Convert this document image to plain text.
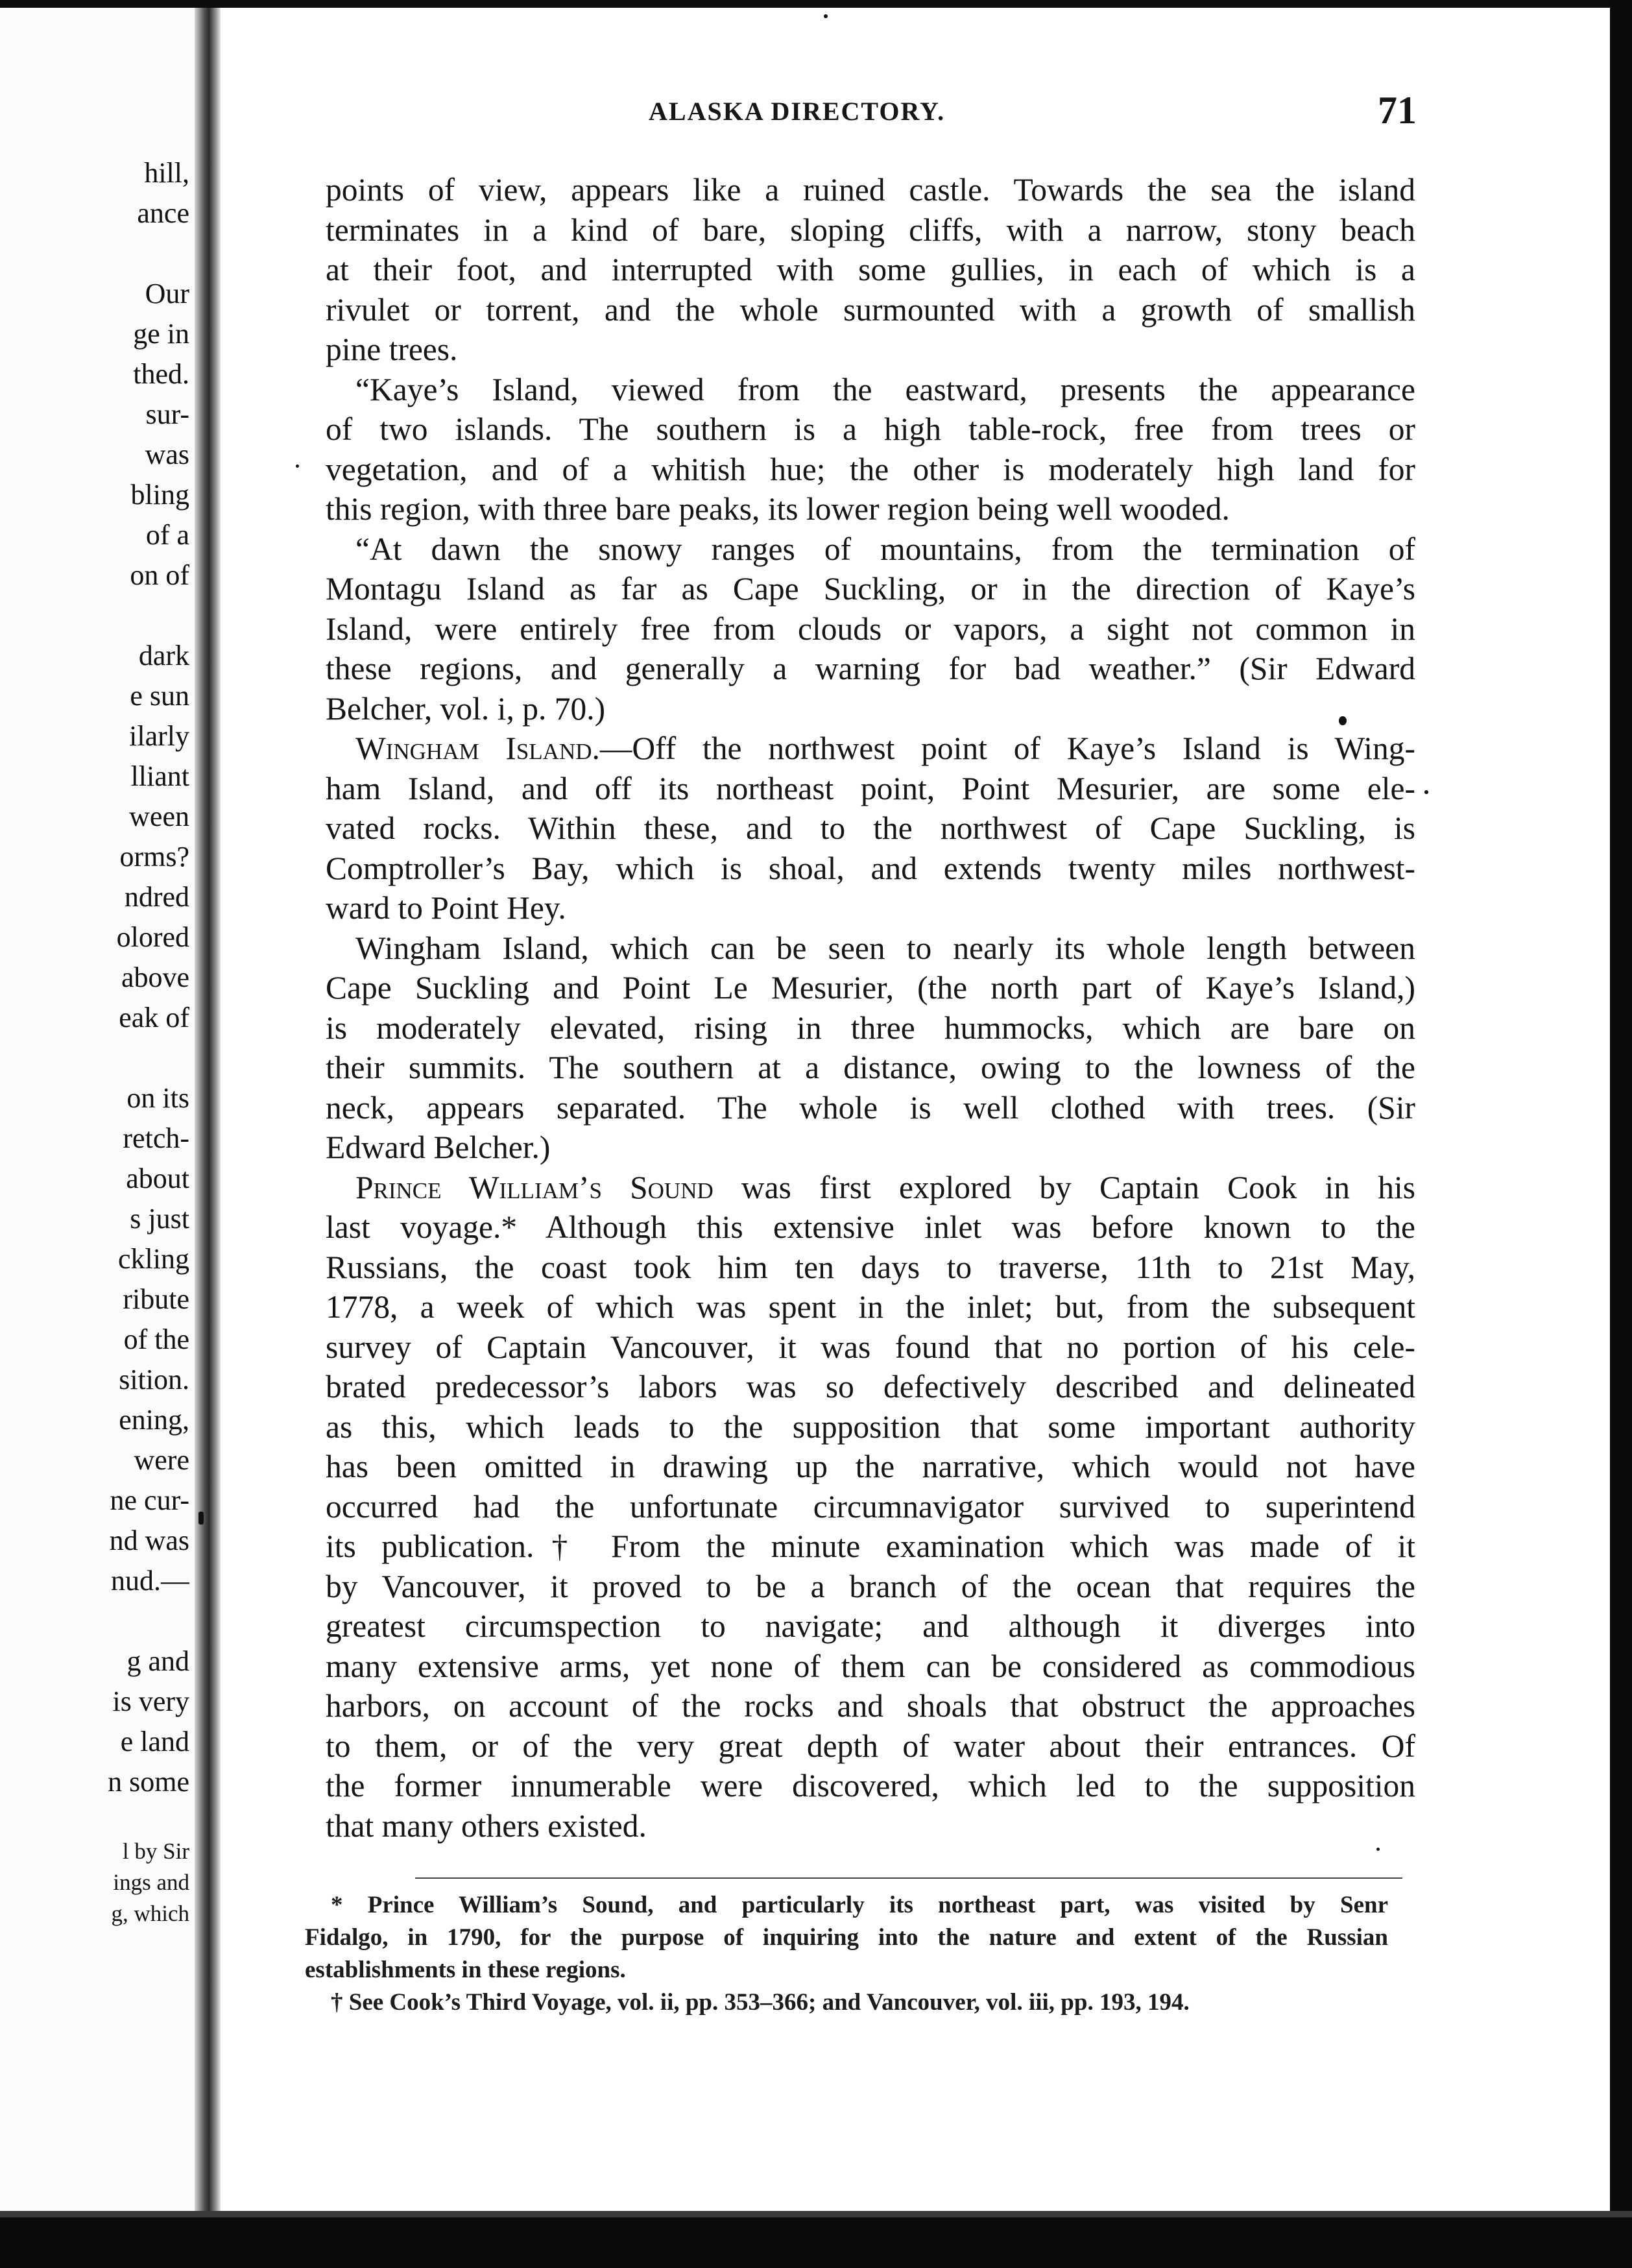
hill,
ance
Our
ge in
thed.
sur-
was
bling
of a
on of
dark
e sun
ilarly
lliant
ween
orms?
ndred
olored
above
eak of
on its
retch-
about
s just
ckling
ribute
of the
sition.
ening,
were
ne cur-
nd was
nud.—
g and
is very
e land
n some
l by Sir
ings and
g, which
ALASKA DIRECTORY.	71
points of view, appears like a ruined castle. Towards the sea the island
terminates in a kind of bare, sloping cliffs, with a narrow, stony beach
at their foot, and interrupted with some gullies, in each of which is a
rivulet or torrent, and the whole surmounted with a growth of smallish
pine trees.
“Kaye’s Island, viewed from the eastward, presents the appearance
of two islands. The southern is a high table-rock, free from trees or
vegetation, and of a whitish hue; the other is moderately high land for
this region, with three bare peaks, its lower region being well wooded.
“At dawn the snowy ranges of mountains, from the termination of
Montagu Island as far as Cape Suckling, or in the direction of Kaye’s
Island, were entirely free from clouds or vapors, a sight not common in
these regions, and generally a warning for bad weather.” (Sir Edward
Belcher, vol. i, p. 70.)
Wingham Island.—Off the northwest point of Kaye’s Island is Wing-
ham Island, and off its northeast point, Point Mesurier, are some ele-
vated rocks. Within these, and to the northwest of Cape Suckling, is
Comptroller’s Bay, which is shoal, and extends twenty miles northwest-
ward to Point Hey.
Wingham Island, which can be seen to nearly its whole length between
Cape Suckling and Point Le Mesurier, (the north part of Kaye’s Island,)
is moderately elevated, rising in three hummocks, which are bare on
their summits. The southern at a distance, owing to the lowness of the
neck, appears separated. The whole is well clothed with trees. (Sir
Edward Belcher.)
Prince William’s Sound was first explored by Captain Cook in his
last voyage.* Although this extensive inlet was before known to the
Russians, the coast took him ten days to traverse, 11th to 21st May,
1778, a week of which was spent in the inlet; but, from the subsequent
survey of Captain Vancouver, it was found that no portion of his cele-
brated predecessor’s labors was so defectively described and delineated
as this, which leads to the supposition that some important authority
has been omitted in drawing up the narrative, which would not have
occurred had the unfortunate circumnavigator survived to superintend
its publication.† From the minute examination which was made of it
by Vancouver, it proved to be a branch of the ocean that requires the
greatest circumspection to navigate; and although it diverges into
many extensive arms, yet none of them can be considered as commodious
harbors, on account of the rocks and shoals that obstruct the approaches
to them, or of the very great depth of water about their entrances. Of
the former innumerable were discovered, which led to the supposition
that many others existed.
* Prince William’s Sound, and particularly its northeast part, was visited by Senr
Fidalgo, in 1790, for the purpose of inquiring into the nature and extent of the Russian
establishments in these regions.
† See Cook’s Third Voyage, vol. ii, pp. 353–366; and Vancouver, vol. iii, pp. 193, 194.
